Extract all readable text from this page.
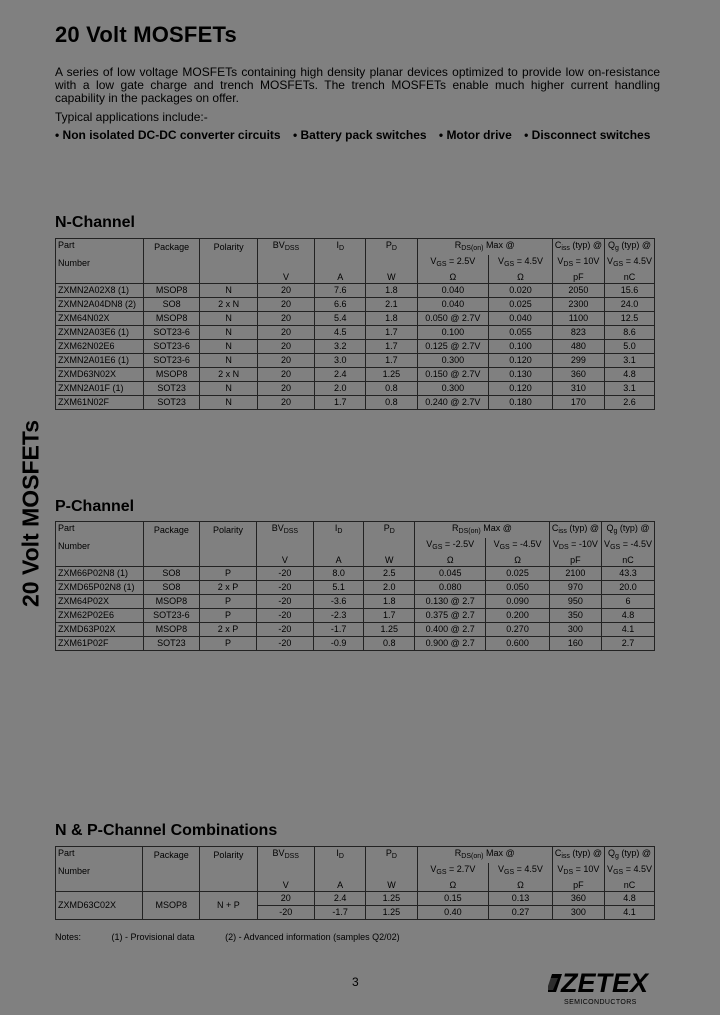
20 Volt MOSFETs
20 Volt MOSFETs
A series of low voltage MOSFETs containing high density planar devices optimized to provide low on-resistance with a low gate charge and trench MOSFETs. The trench MOSFETs enable much higher current handling capability in the packages on offer.
Typical applications include:-
• Non isolated DC-DC converter circuits • Battery pack switches • Motor drive • Disconnect switches
N-Channel
Part	Package	Polarity	$BV_{DSS}$	$I_D$	$P_D$	$R_{DS(on)}$ Max @		$C_{iss}$ (typ) @	$Q_g$ (typ) @
Number						$V_{GS} = 2.5V$	$V_{GS} = 4.5V$	$V_{DS} = 10V$	$V_{GS} = 4.5V$
			V	A	W	Ω	Ω	pF	nC
ZXMN2A02X8 (1)	MSOP8	N	20	7.6	1.8	0.040	0.020	2050	15.6
ZXMN2A04DN8 (2)	SO8	2 x N	20	6.6	2.1	0.040	0.025	2300	24.0
ZXM64N02X	MSOP8	N	20	5.4	1.8	0.050 @ 2.7V	0.040	1100	12.5
ZXMN2A03E6 (1)	SOT23-6	N	20	4.5	1.7	0.100	0.055	823	8.6
ZXM62N02E6	SOT23-6	N	20	3.2	1.7	0.125 @ 2.7V	0.100	480	5.0
ZXMN2A01E6 (1)	SOT23-6	N	20	3.0	1.7	0.300	0.120	299	3.1
ZXMD63N02X	MSOP8	2 x N	20	2.4	1.25	0.150 @ 2.7V	0.130	360	4.8
ZXMN2A01F (1)	SOT23	N	20	2.0	0.8	0.300	0.120	310	3.1
ZXM61N02F	SOT23	N	20	1.7	0.8	0.240 @ 2.7V	0.180	170	2.6
P-Channel
Part	Package	Polarity	$BV_{DSS}$	$I_D$	$P_D$	$R_{DS(on)}$ Max @		$C_{iss}$ (typ) @	$Q_g$ (typ) @
Number						$V_{GS} = -2.5V$	$V_{GS} = -4.5V$	$V_{DS} = -10V$	$V_{GS} = -4.5V$
			V	A	W	Ω	Ω	pF	nC
ZXM66P02N8 (1)	SO8	P	-20	8.0	2.5	0.045	0.025	2100	43.3
ZXMD65P02N8 (1)	SO8	2 x P	-20	5.1	2.0	0.080	0.050	970	20.0
ZXM64P02X	MSOP8	P	-20	-3.6	1.8	0.130 @ 2.7	0.090	950	6
ZXM62P02E6	SOT23-6	P	-20	-2.3	1.7	0.375 @ 2.7	0.200	350	4.8
ZXMD63P02X	MSOP8	2 x P	-20	-1.7	1.25	0.400 @ 2.7	0.270	300	4.1
ZXM61P02F	SOT23	P	-20	-0.9	0.8	0.900 @ 2.7	0.600	160	2.7
N & P-Channel Combinations
Part	Package	Polarity	$BV_{DSS}$	$I_D$	$P_D$	$R_{DS(on)}$ Max @		$C_{iss}$ (typ) @	$Q_g$ (typ) @
Number						$V_{GS} = 2.7V$	$V_{GS} = 4.5V$	$V_{DS} = 10V$	$V_{GS} = 4.5V$
			V	A	W	Ω	Ω	pF	nC
ZXMD63C02X	MSOP8	N + P	20	2.4	1.25	0.15	0.13	360	4.8
			-20	-1.7	1.25	0.40	0.27	300	4.1
Notes:	(1) - Provisional data	(2) - Advanced information (samples Q2/02)
3	ZETEX
SEMICONDUCTORS
